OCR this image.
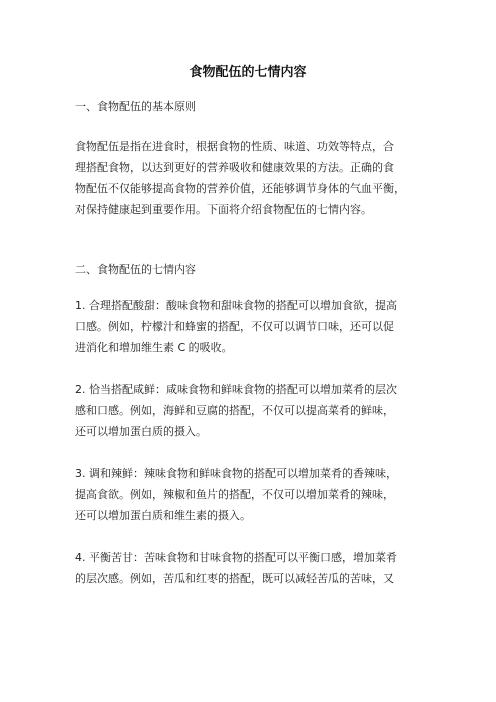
食物配伍的七情内容
一、食物配伍的基本原则
食物配伍是指在进食时，根据食物的性质、味道、功效等特点，合
理搭配食物，以达到更好的营养吸收和健康效果的方法。正确的食
物配伍不仅能够提高食物的营养价值，还能够调节身体的气血平衡，
对保持健康起到重要作用。下面将介绍食物配伍的七情内容。
二、食物配伍的七情内容
1. 合理搭配酸甜：酸味食物和甜味食物的搭配可以增加食欲，提高
口感。例如，柠檬汁和蜂蜜的搭配，不仅可以调节口味，还可以促
进消化和增加维生素 C 的吸收。
2. 恰当搭配咸鲜：咸味食物和鲜味食物的搭配可以增加菜肴的层次
感和口感。例如，海鲜和豆腐的搭配，不仅可以提高菜肴的鲜味，
还可以增加蛋白质的摄入。
3. 调和辣鲜：辣味食物和鲜味食物的搭配可以增加菜肴的香辣味，
提高食欲。例如，辣椒和鱼片的搭配，不仅可以增加菜肴的辣味，
还可以增加蛋白质和维生素的摄入。
4. 平衡苦甘：苦味食物和甘味食物的搭配可以平衡口感，增加菜肴
的层次感。例如，苦瓜和红枣的搭配，既可以减轻苦瓜的苦味，又
